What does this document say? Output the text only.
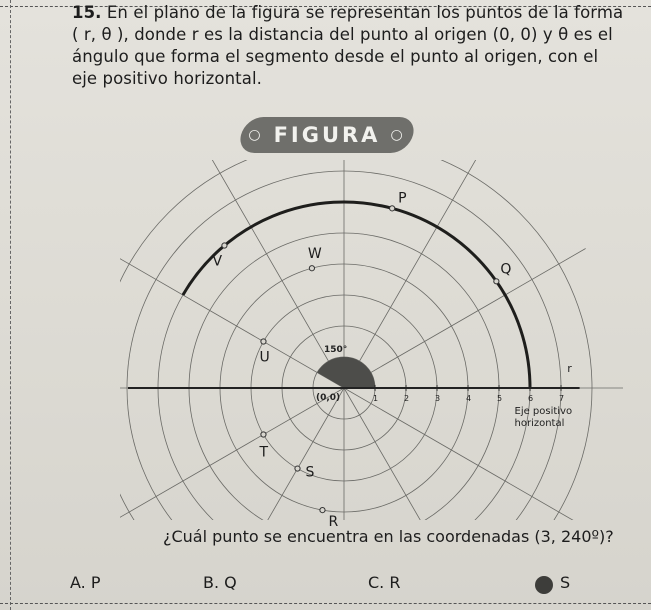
15. En el plano de la figura se representan los puntos de la forma
( r, θ ), donde r es la distancia del punto al origen (0, 0) y θ es el
ángulo que forma el segmento desde el punto al origen, con el
eje positivo horizontal.
○ FIGURA ○
1	2	3	4	5	6	7
(0,0)
150°
r
Eje positivo
horizontal
P
Q
W
V
U
T
S
R
¿Cuál punto se encuentra en las coordenadas (3, 240º)?
A. P	B. Q	C. R	S
